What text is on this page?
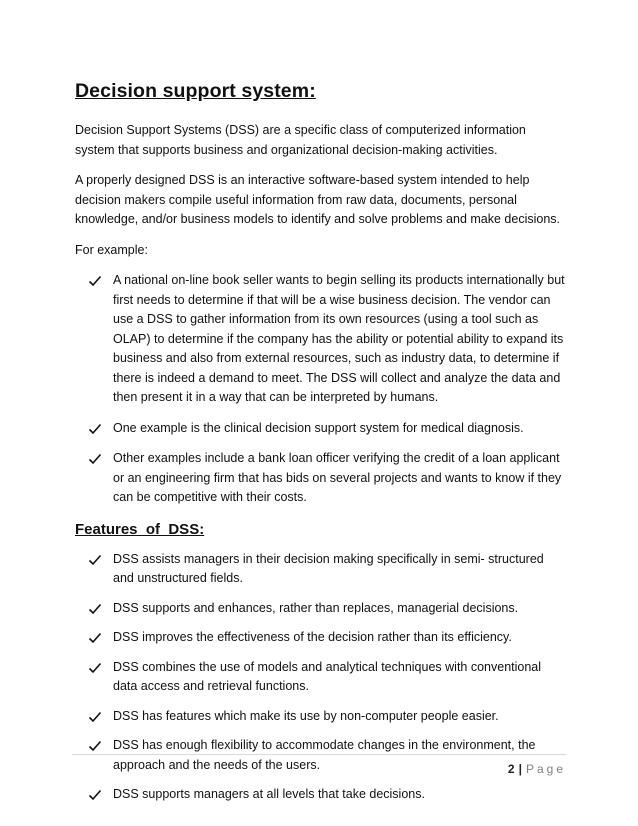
Decision support system:

Decision Support Systems (DSS) are a specific class of computerized information system that supports business and organizational decision-making activities.

A properly designed DSS is an interactive software-based system intended to help decision makers compile useful information from raw data, documents, personal knowledge, and/or business models to identify and solve problems and make decisions.

For example:

A national on-line book seller wants to begin selling its products internationally but first needs to determine if that will be a wise business decision. The vendor can use a DSS to gather information from its own resources (using a tool such as OLAP) to determine if the company has the ability or potential ability to expand its business and also from external resources, such as industry data, to determine if there is indeed a demand to meet. The DSS will collect and analyze the data and then present it in a way that can be interpreted by humans.
One example is the clinical decision support system for medical diagnosis.
Other examples include a bank loan officer verifying the credit of a loan applicant or an engineering firm that has bids on several projects and wants to know if they can be competitive with their costs.
Features  of  DSS:
DSS assists managers in their decision making specifically in semi- structured and unstructured fields.
DSS supports and enhances, rather than replaces, managerial decisions.
DSS improves the effectiveness of the decision rather than its efficiency.
DSS combines the use of models and analytical techniques with conventional data access and retrieval functions.
DSS has features which make its use by non-computer people easier.
DSS has enough flexibility to accommodate changes in the environment, the approach and the needs of the users.
DSS supports managers at all levels that take decisions.
2 | Page
